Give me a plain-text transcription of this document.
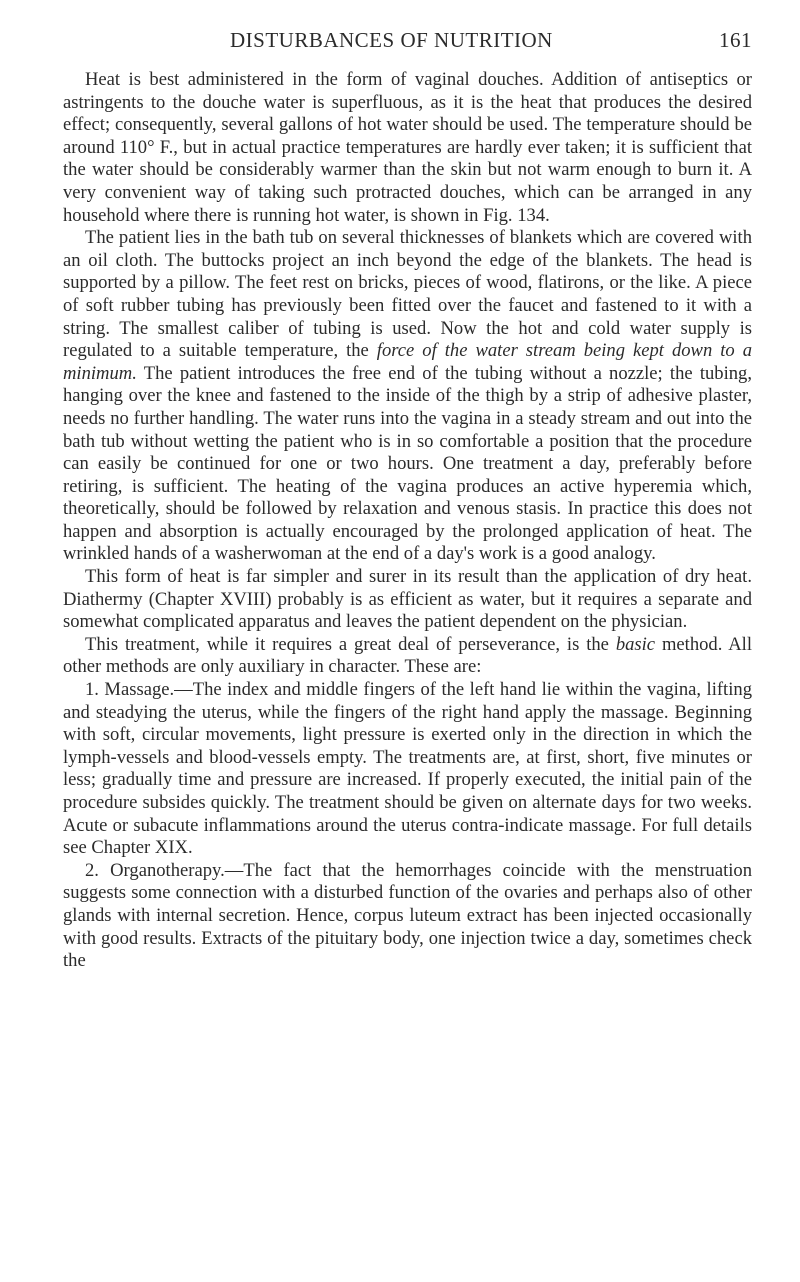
DISTURBANCES OF NUTRITION	161

Heat is best administered in the form of vaginal douches. Addition of antiseptics or astringents to the douche water is superfluous, as it is the heat that produces the desired effect; consequently, several gallons of hot water should be used. The temperature should be around 110° F., but in actual practice temperatures are hardly ever taken; it is sufficient that the water should be considerably warmer than the skin but not warm enough to burn it. A very convenient way of taking such protracted douches, which can be arranged in any household where there is running hot water, is shown in Fig. 134.

The patient lies in the bath tub on several thicknesses of blankets which are covered with an oil cloth. The buttocks project an inch beyond the edge of the blankets. The head is supported by a pillow. The feet rest on bricks, pieces of wood, flatirons, or the like. A piece of soft rubber tubing has previously been fitted over the faucet and fastened to it with a string. The smallest caliber of tubing is used. Now the hot and cold water supply is regulated to a suitable temperature, the force of the water stream being kept down to a minimum. The patient introduces the free end of the tubing without a nozzle; the tubing, hanging over the knee and fastened to the inside of the thigh by a strip of adhesive plaster, needs no further handling. The water runs into the vagina in a steady stream and out into the bath tub without wetting the patient who is in so comfortable a position that the procedure can easily be continued for one or two hours. One treatment a day, preferably before retiring, is sufficient. The heating of the vagina produces an active hyperemia which, theoretically, should be followed by relaxation and venous stasis. In practice this does not happen and absorption is actually encouraged by the prolonged application of heat. The wrinkled hands of a washerwoman at the end of a day's work is a good analogy.

This form of heat is far simpler and surer in its result than the application of dry heat. Diathermy (Chapter XVIII) probably is as efficient as water, but it requires a separate and somewhat complicated apparatus and leaves the patient dependent on the physician.

This treatment, while it requires a great deal of perseverance, is the basic method. All other methods are only auxiliary in character. These are:

1. Massage.—The index and middle fingers of the left hand lie within the vagina, lifting and steadying the uterus, while the fingers of the right hand apply the massage. Beginning with soft, circular movements, light pressure is exerted only in the direction in which the lymph-vessels and blood-vessels empty. The treatments are, at first, short, five minutes or less; gradually time and pressure are increased. If properly executed, the initial pain of the procedure subsides quickly. The treatment should be given on alternate days for two weeks. Acute or subacute inflammations around the uterus contra-indicate massage. For full details see Chapter XIX.

2. Organotherapy.—The fact that the hemorrhages coincide with the menstruation suggests some connection with a disturbed function of the ovaries and perhaps also of other glands with internal secretion. Hence, corpus luteum extract has been injected occasionally with good results. Extracts of the pituitary body, one injection twice a day, sometimes check the
